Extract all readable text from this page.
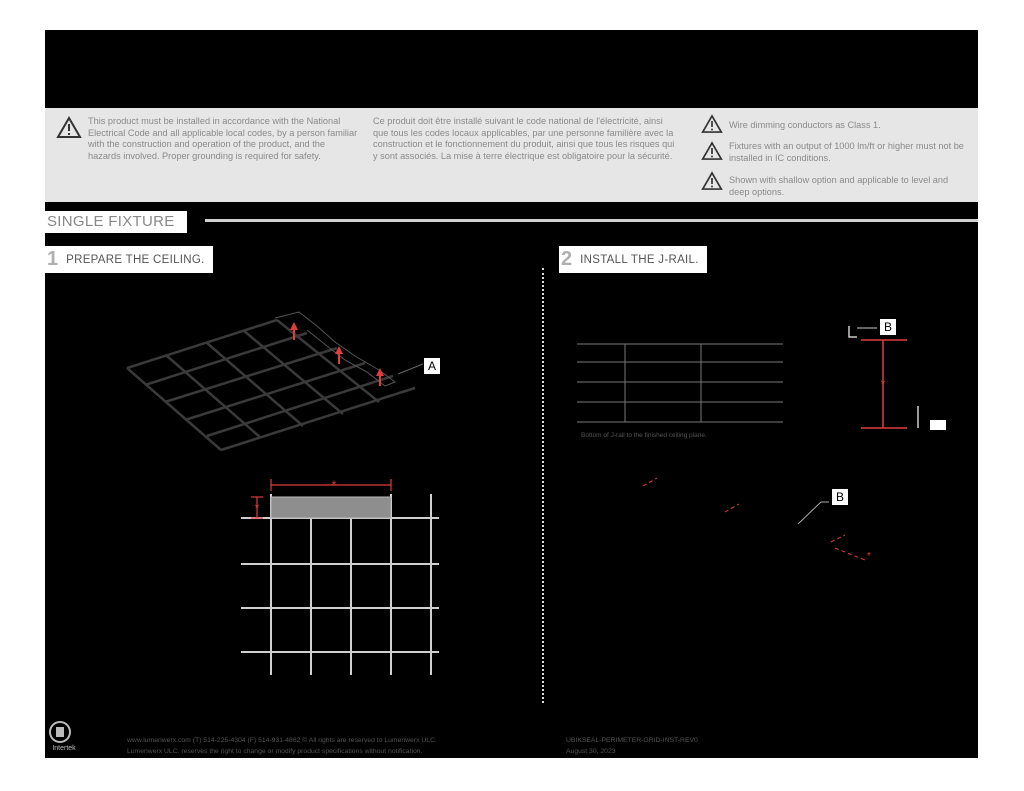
This product must be installed in accordance with the National Electrical Code and all applicable local codes, by a person familiar with the construction and operation of the product, and the hazards involved. Proper grounding is required for safety.
Ce produit doit être installé suivant le code national de l'électricité, ainsi que tous les codes locaux applicables, par une personne familière avec la construction et le fonctionnement du produit, ainsi que tous les risques qui y sont associés. La mise à terre électrique est obligatoire pour la sécurité.
Wire dimming conductors as Class 1.
Fixtures with an output of 1000 lm/ft or higher must not be installed in IC conditions.
Shown with shallow option and applicable to level and deep options.
SINGLE FIXTURE
1 PREPARE THE CEILING.	2 INSTALL THE J-RAIL.
*
*
*
*
A
B
B
Bottom of J-rail to the finished ceiling plane.
Intertek
www.lumenwerx.com (T) 514-225-4304 (F) 514-931-4862 © All rights are reserved to Lumenwerx ULC.
Lumenwerx ULC. reserves the right to change or modify product specifications without notification.
UBIKSEAL-PERIMETER-GRID-INST-REV0
August 30, 2023
